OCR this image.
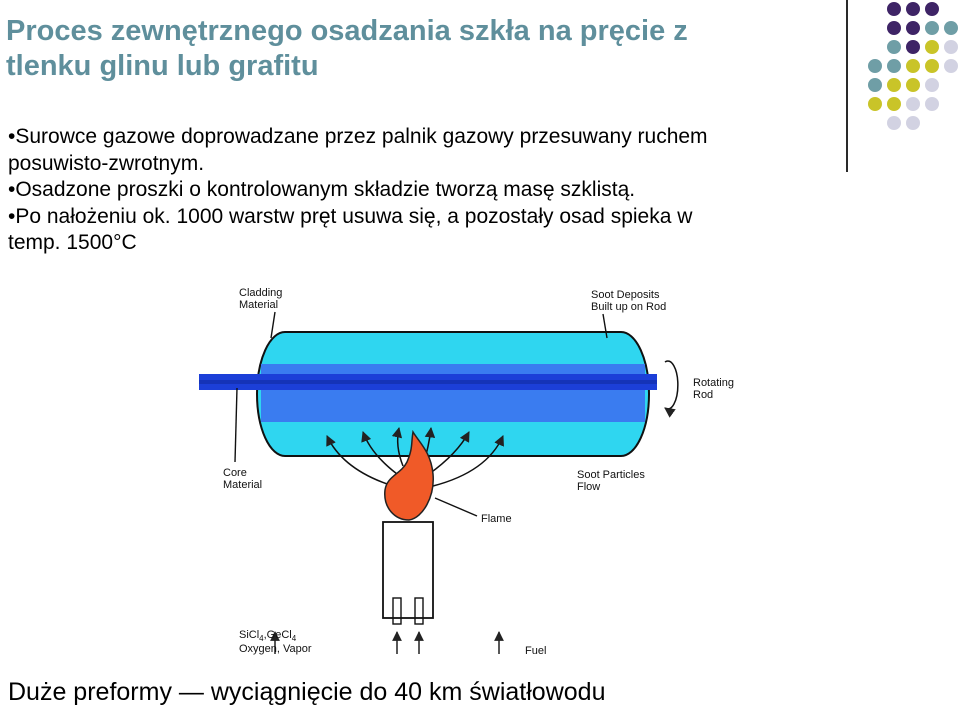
Proces zewnętrznego osadzania szkła na pręcie z
tlenku glinu lub grafitu

•Surowce gazowe doprowadzane przez palnik gazowy przesuwany ruchem
posuwisto-zwrotnym.

•Osadzone proszki o kontrolowanym składzie tworzą masę szklistą.

•Po nałożeniu ok. 1000 warstw pręt usuwa się, a pozostały osad spieka w
temp. 1500°C

Cladding
Material
Soot Deposits
Built up on Rod
Rotating
Rod
Core
Material
Soot Particles
Flow
Flame
Fuel
SiCl$_4$,GeCl$_4$
Oxygen, Vapor
Duże preformy — wyciągnięcie do 40 km światłowodu
